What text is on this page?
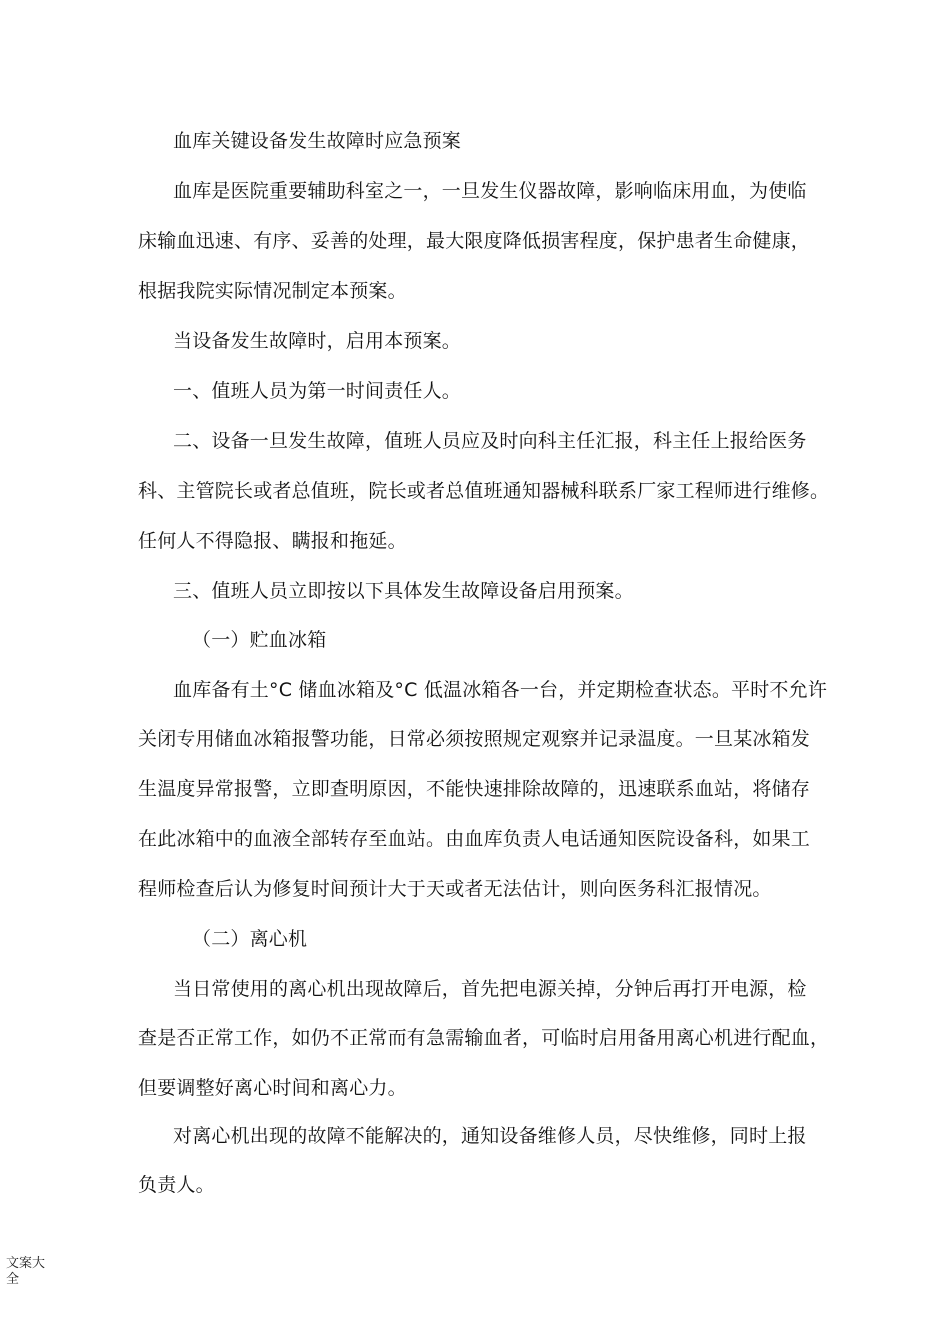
血库关键设备发生故障时应急预案
血库是医院重要辅助科室之一，一旦发生仪器故障，影响临床用血，为使临
床输血迅速、有序、妥善的处理，最大限度降低损害程度，保护患者生命健康，
根据我院实际情况制定本预案。
当设备发生故障时，启用本预案。
一、值班人员为第一时间责任人。
二、设备一旦发生故障，值班人员应及时向科主任汇报，科主任上报给医务
科、主管院长或者总值班，院长或者总值班通知器械科联系厂家工程师进行维修。
任何人不得隐报、瞒报和拖延。
三、值班人员立即按以下具体发生故障设备启用预案。
（一）贮血冰箱
血库备有土°C 储血冰箱及°C 低温冰箱各一台，并定期检查状态。平时不允许
关闭专用储血冰箱报警功能，日常必须按照规定观察并记录温度。一旦某冰箱发
生温度异常报警，立即查明原因，不能快速排除故障的，迅速联系血站，将储存
在此冰箱中的血液全部转存至血站。由血库负责人电话通知医院设备科，如果工
程师检查后认为修复时间预计大于天或者无法估计，则向医务科汇报情况。
（二）离心机
当日常使用的离心机出现故障后，首先把电源关掉，分钟后再打开电源，检
查是否正常工作，如仍不正常而有急需输血者，可临时启用备用离心机进行配血，
但要调整好离心时间和离心力。
对离心机出现的故障不能解决的，通知设备维修人员，尽快维修，同时上报
负责人。
文案大全
